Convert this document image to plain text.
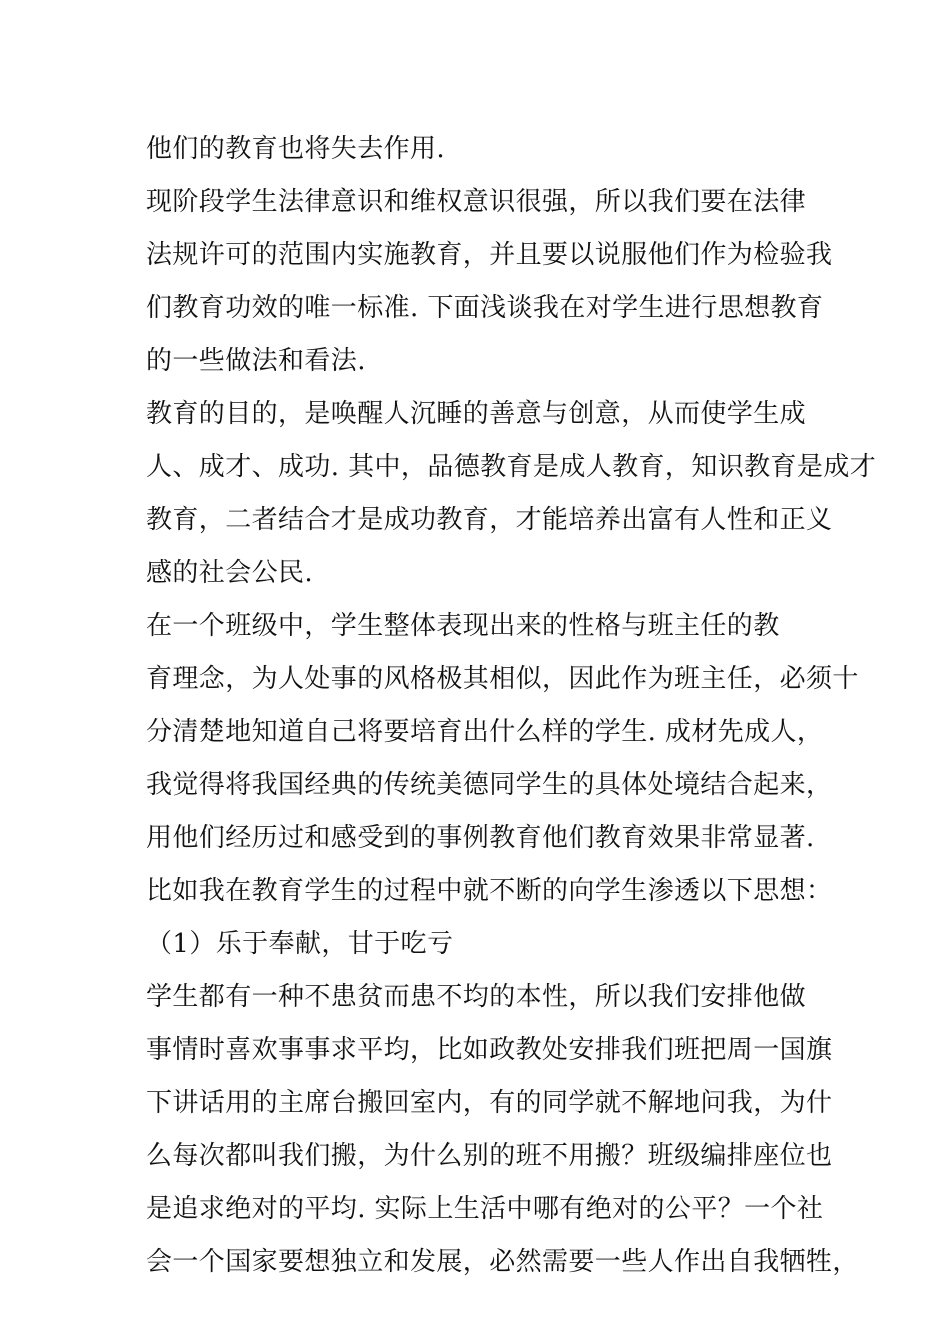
他们的教育也将失去作用.
现阶段学生法律意识和维权意识很强，所以我们要在法律
法规许可的范围内实施教育，并且要以说服他们作为检验我
们教育功效的唯一标准. 下面浅谈我在对学生进行思想教育
的一些做法和看法.
教育的目的，是唤醒人沉睡的善意与创意，从而使学生成
人、成才、成功. 其中，品德教育是成人教育，知识教育是成才
教育，二者结合才是成功教育，才能培养出富有人性和正义
感的社会公民.
在一个班级中，学生整体表现出来的性格与班主任的教
育理念，为人处事的风格极其相似，因此作为班主任，必须十
分清楚地知道自己将要培育出什么样的学生. 成材先成人，
我觉得将我国经典的传统美德同学生的具体处境结合起来，
用他们经历过和感受到的事例教育他们教育效果非常显著.
比如我在教育学生的过程中就不断的向学生渗透以下思想：
（1）乐于奉献，甘于吃亏
学生都有一种不患贫而患不均的本性，所以我们安排他做
事情时喜欢事事求平均，比如政教处安排我们班把周一国旗
下讲话用的主席台搬回室内，有的同学就不解地问我，为什
么每次都叫我们搬，为什么别的班不用搬？班级编排座位也
是追求绝对的平均. 实际上生活中哪有绝对的公平？一个社
会一个国家要想独立和发展，必然需要一些人作出自我牺牲，
